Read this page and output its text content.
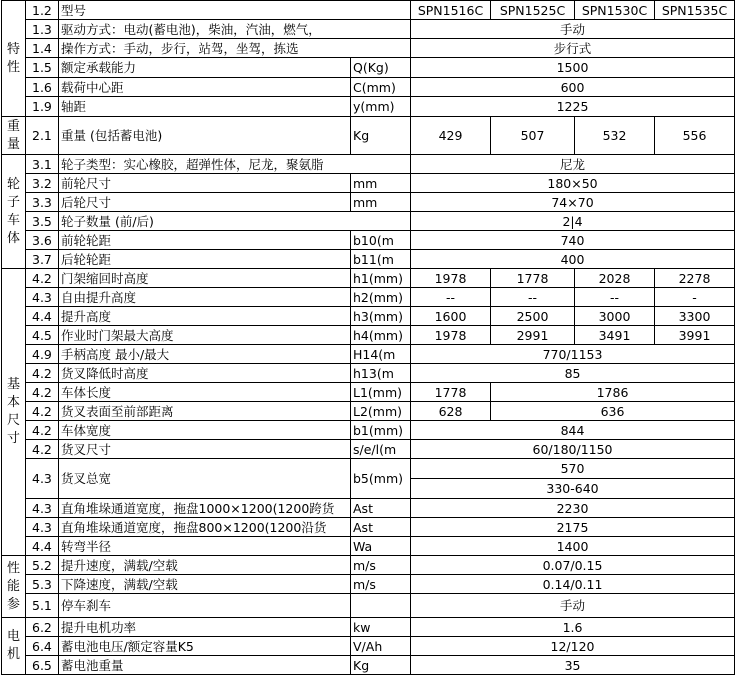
特性	1.2	型号		SPN1516C	SPN1525C	SPN1530C	SPN1535C
	1.3	驱动方式：电动(蓄电池)，柴油，汽油，燃气，		手动			
	1.4	操作方式：手动，步行，站驾，坐驾，拣选		步行式			
	1.5	额定承载能力	Q(Kg)	1500			
	1.6	载荷中心距	C(mm)	600			
	1.9	轴距	y(mm)	1225			
重量	2.1	重量 (包括蓄电池)	Kg	429	507	532	556
轮子车体	3.1	轮子类型：实心橡胶，超弹性体，尼龙，聚氨脂		尼龙			
	3.2	前轮尺寸	mm	180×50			
	3.3	后轮尺寸	mm	74×70			
	3.5	轮子数量 (前/后)		2|4			
	3.6	前轮轮距	b10(m	740			
	3.7	后轮轮距	b11(m	400			
基本尺寸	4.2	门架缩回时高度	h1(mm)	1978	1778	2028	2278
	4.3	自由提升高度	h2(mm)	--	--	--	-
	4.4	提升高度	h3(mm)	1600	2500	3000	3300
	4.5	作业时门架最大高度	h4(mm)	1978	2991	3491	3991
	4.9	手柄高度 最小/最大	H14(m	770/1153			
	4.2	货叉降低时高度	h13(m	85			
	4.2	车体长度	L1(mm)	1778	1786		
	4.2	货叉表面至前部距离	L2(mm)	628	636		
	4.2	车体宽度	b1(mm)	844			
	4.2	货叉尺寸	s/e/l(m	60/180/1150			
	4.3	货叉总宽	b5(mm)	570			
				330-640			
	4.3	直角堆垛通道宽度，拖盘1000×1200(1200跨货	Ast	2230			
	4.3	直角堆垛通道宽度，拖盘800×1200(1200沿货	Ast	2175			
	4.4	转弯半径	Wa	1400			
性能参	5.2	提升速度，满载/空载	m/s	0.07/0.15			
	5.3	下降速度，满载/空载	m/s	0.14/0.11			
	5.1	停车刹车		手动			
电机	6.2	提升电机功率	kw	1.6			
	6.4	蓄电池电压/额定容量K5	V/Ah	12/120			
	6.5	蓄电池重量	Kg	35			
